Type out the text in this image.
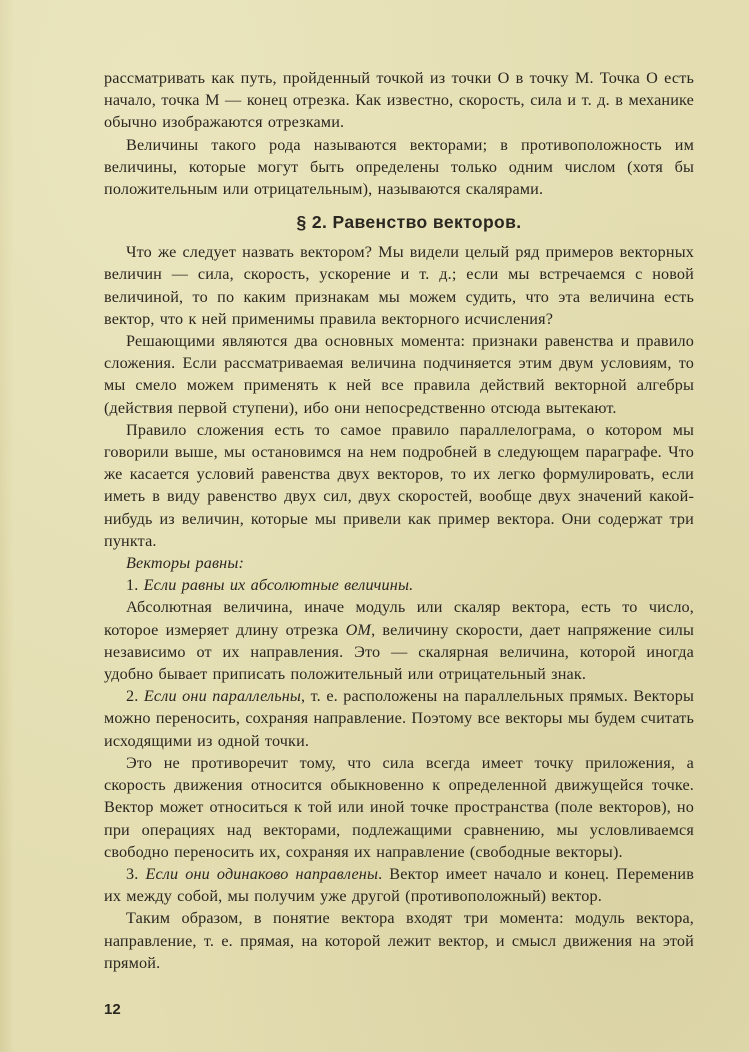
рассматривать как путь, пройденный точкой из точки O в точку M. Точка O есть начало, точка M — конец отрезка. Как известно, скорость, сила и т. д. в механике обычно изображаются отрезками.

Величины такого рода называются векторами; в противоположность им величины, которые могут быть определены только одним числом (хотя бы положительным или отрицательным), называются скалярами.

§ 2. Равенство векторов.

Что же следует назвать вектором? Мы видели целый ряд примеров векторных величин — сила, скорость, ускорение и т. д.; если мы встречаемся с новой величиной, то по каким признакам мы можем судить, что эта величина есть вектор, что к ней применимы правила векторного исчисления?

Решающими являются два основных момента: признаки равенства и правило сложения. Если рассматриваемая величина подчиняется этим двум условиям, то мы смело можем применять к ней все правила действий векторной алгебры (действия первой ступени), ибо они непосредственно отсюда вытекают.

Правило сложения есть то самое правило параллелограма, о котором мы говорили выше, мы остановимся на нем подробней в следующем параграфе. Что же касается условий равенства двух векторов, то их легко формулировать, если иметь в виду равенство двух сил, двух скоростей, вообще двух значений какой-нибудь из величин, которые мы привели как пример вектора. Они содержат три пункта.

Векторы равны:

1. Если равны их абсолютные величины.

Абсолютная величина, иначе модуль или скаляр вектора, есть то число, которое измеряет длину отрезка OM, величину скорости, дает напряжение силы независимо от их направления. Это — скалярная величина, которой иногда удобно бывает приписать положительный или отрицательный знак.

2. Если они параллельны, т. е. расположены на параллельных прямых. Векторы можно переносить, сохраняя направление. Поэтому все векторы мы будем считать исходящими из одной точки.

Это не противоречит тому, что сила всегда имеет точку приложения, а скорость движения относится обыкновенно к определенной движущейся точке. Вектор может относиться к той или иной точке пространства (поле векторов), но при операциях над векторами, подлежащими сравнению, мы условливаемся свободно переносить их, сохраняя их направление (свободные векторы).

3. Если они одинаково направлены. Вектор имеет начало и конец. Переменив их между собой, мы получим уже другой (противоположный) вектор.

Таким образом, в понятие вектора входят три момента: модуль вектора, направление, т. е. прямая, на которой лежит вектор, и смысл движения на этой прямой.

12
